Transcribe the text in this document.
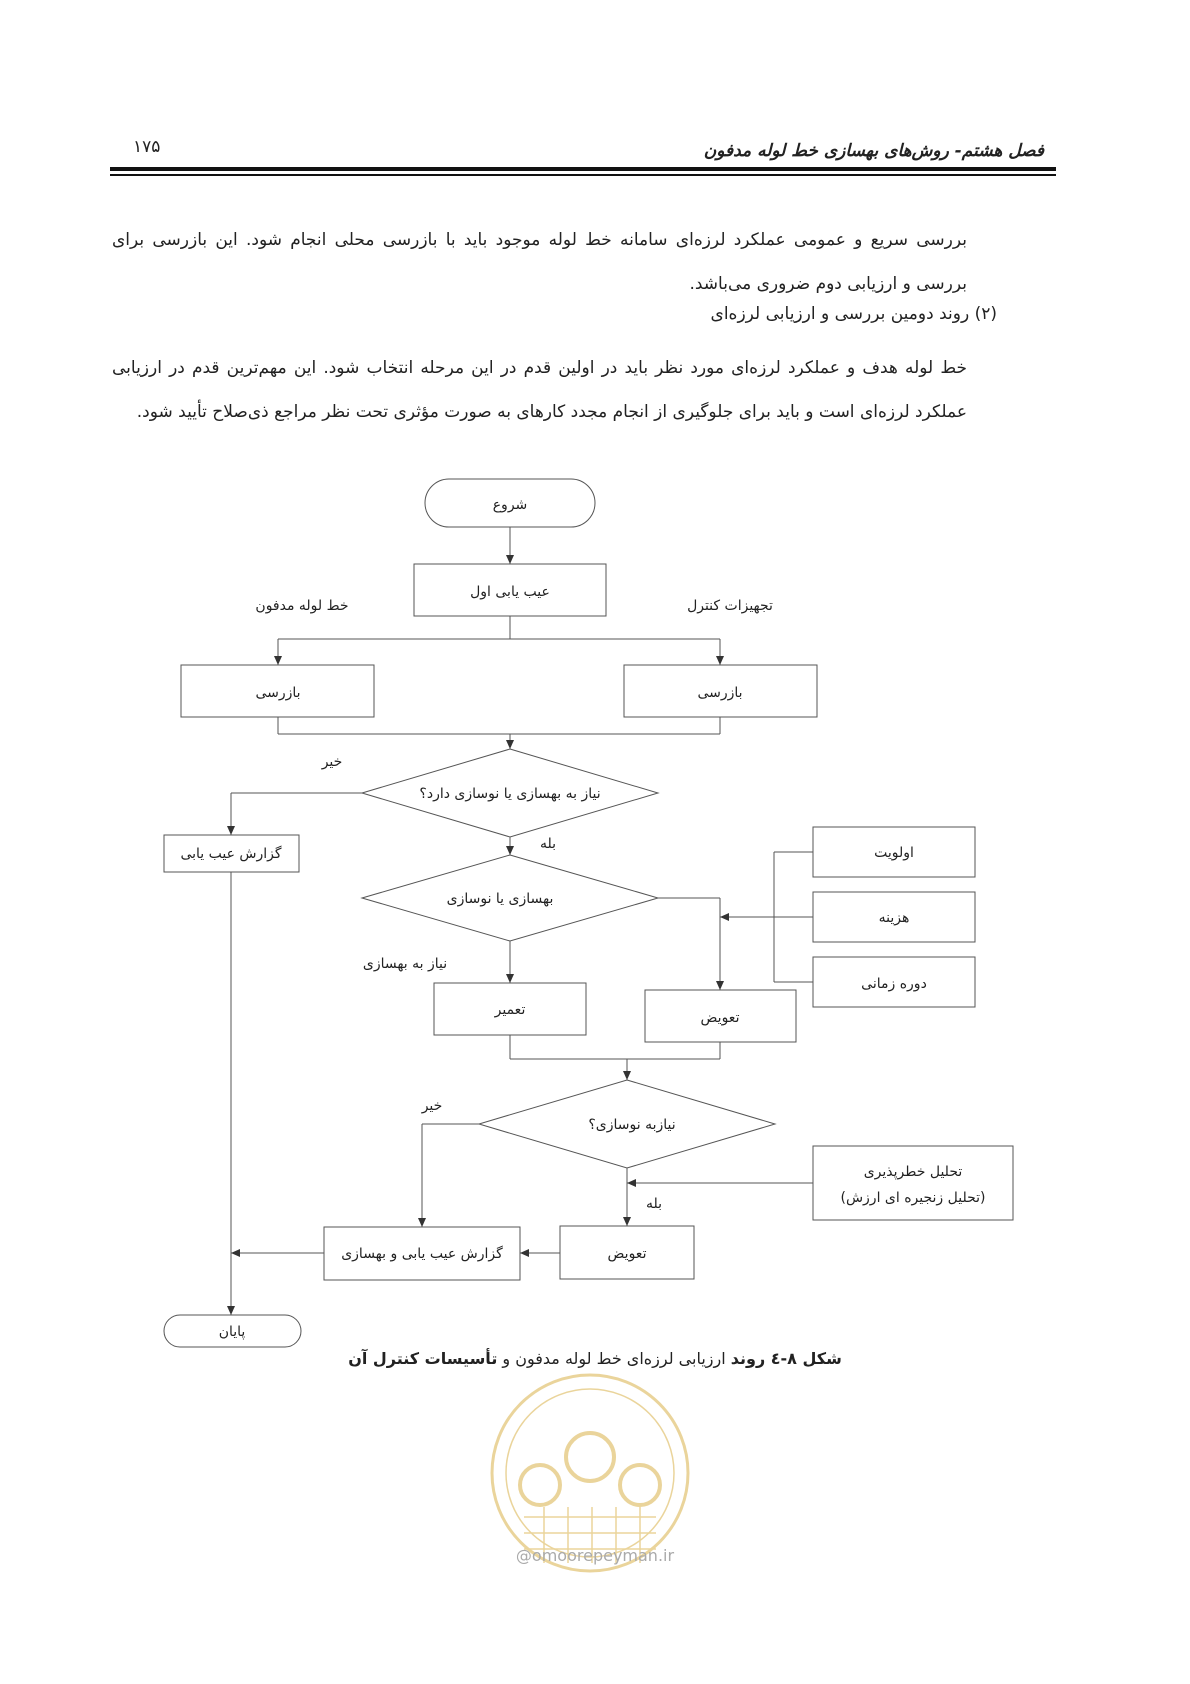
۱۷۵	فصل هشتم- روش‌های بهسازی خط لوله مدفون
بررسی سریع و عمومی عملکرد لرزه‌ای سامانه خط لوله موجود باید با بازرسی محلی انجام شود. این بازرسی برای بررسی و ارزیابی دوم ضروری می‌باشد.
(۲) روند دومین بررسی و ارزیابی لرزه‌ای
خط لوله هدف و عملکرد لرزه‌ای مورد نظر باید در اولین قدم در این مرحله انتخاب شود. این مهم‌ترین قدم در ارزیابی عملکرد لرزه‌ای است و باید برای جلوگیری از انجام مجدد کارهای به صورت مؤثری تحت نظر مراجع ذی‌صلاح تأیید شود.
شروع
عیب یابی اول
خط لوله مدفون	تجهیزات کنترل
بازرسی	بازرسی
نیاز به بهسازی یا نوسازی دارد؟
خیر
بله
گزارش عیب یابی
بهسازی یا نوسازی
اولویت
هزینه
دوره زمانی
نیاز به بهسازی
تعمیر	تعویض
نیازبه نوسازی؟
خیر
بله
تحلیل خطرپذیری
(تحلیل زنجیره ای ارزش)
تعویض
گزارش عیب یابی و بهسازی
پایان
شکل ۸-٤ روند ارزیابی لرزه‌ای خط لوله مدفون و تأسیسات کنترل آن
@omoorepeyman.ir
